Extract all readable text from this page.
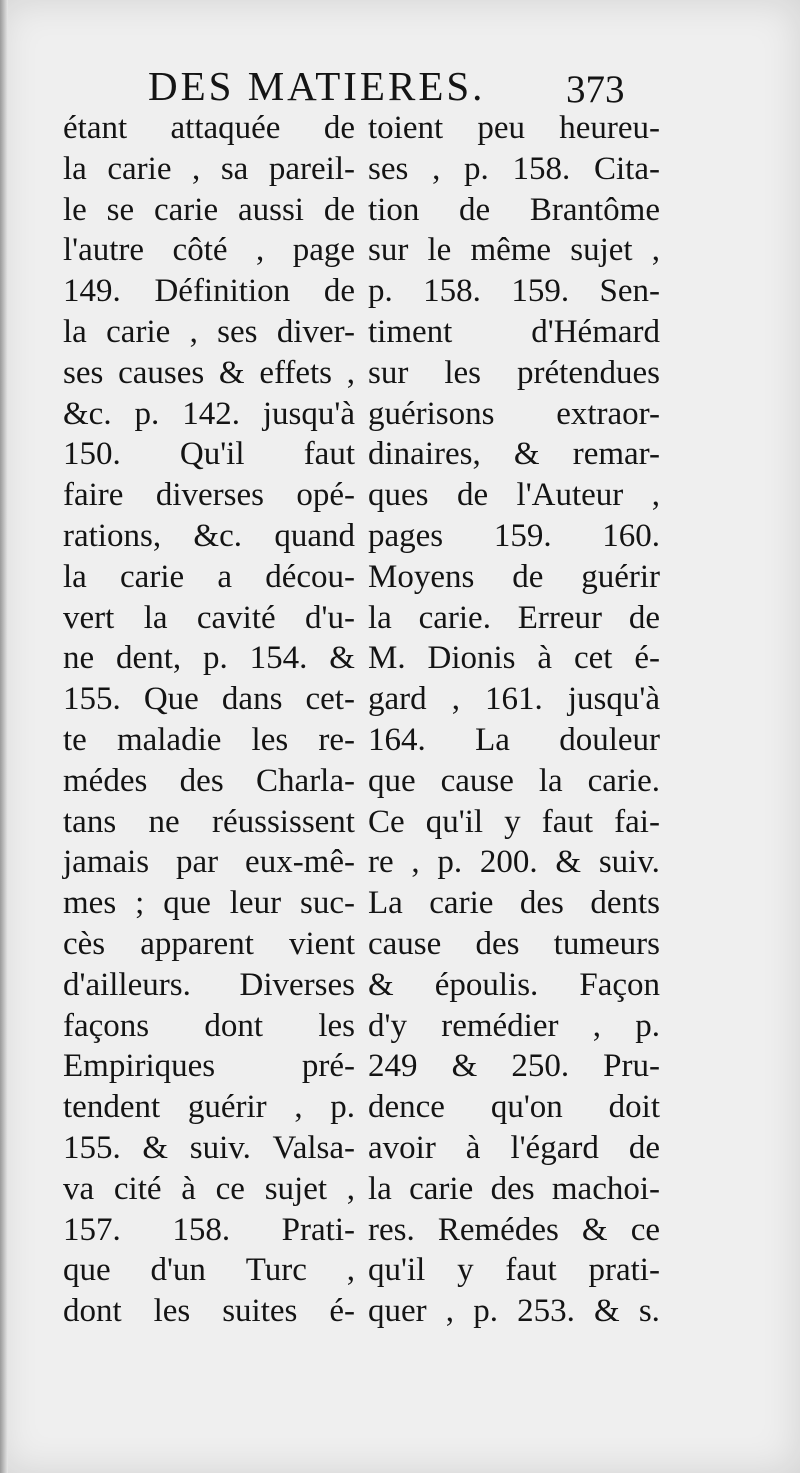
DES MATIERES. 373
étant attaquée de
la carie , sa pareil-
le se carie aussi de
l'autre côté , page
149. Définition de
la carie , ses diver-
ses causes & effets ,
&c. p. 142. jusqu'à
150. Qu'il faut
faire diverses opé-
rations, &c. quand
la carie a décou-
vert la cavité d'u-
ne dent, p. 154. &
155. Que dans cet-
te maladie les re-
médes des Charla-
tans ne réussissent
jamais par eux-mê-
mes ; que leur suc-
cès apparent vient
d'ailleurs. Diverses
façons dont les
Empiriques	pré-
tendent guérir , p.
155. & suiv. Valsa-
va cité à ce sujet ,
157. 158. Prati-
que d'un Turc ,
dont les suites é-
toient peu heureu-
ses , p. 158. Cita-
tion de Brantôme
sur le même sujet ,
p. 158. 159. Sen-
timent d'Hémard
sur les prétendues
guérisons extraor-
dinaires, & remar-
ques de l'Auteur ,
pages 159. 160.
Moyens de guérir
la carie. Erreur de
M. Dionis à cet é-
gard , 161. jusqu'à
164. La douleur
que cause la carie.
Ce qu'il y faut fai-
re , p. 200. & suiv.
La carie des dents
cause des tumeurs
& époulis. Façon
d'y remédier , p.
249 & 250. Pru-
dence qu'on doit
avoir à l'égard de
la carie des machoi-
res. Remédes & ce
qu'il y faut prati-
quer , p. 253. & s.
